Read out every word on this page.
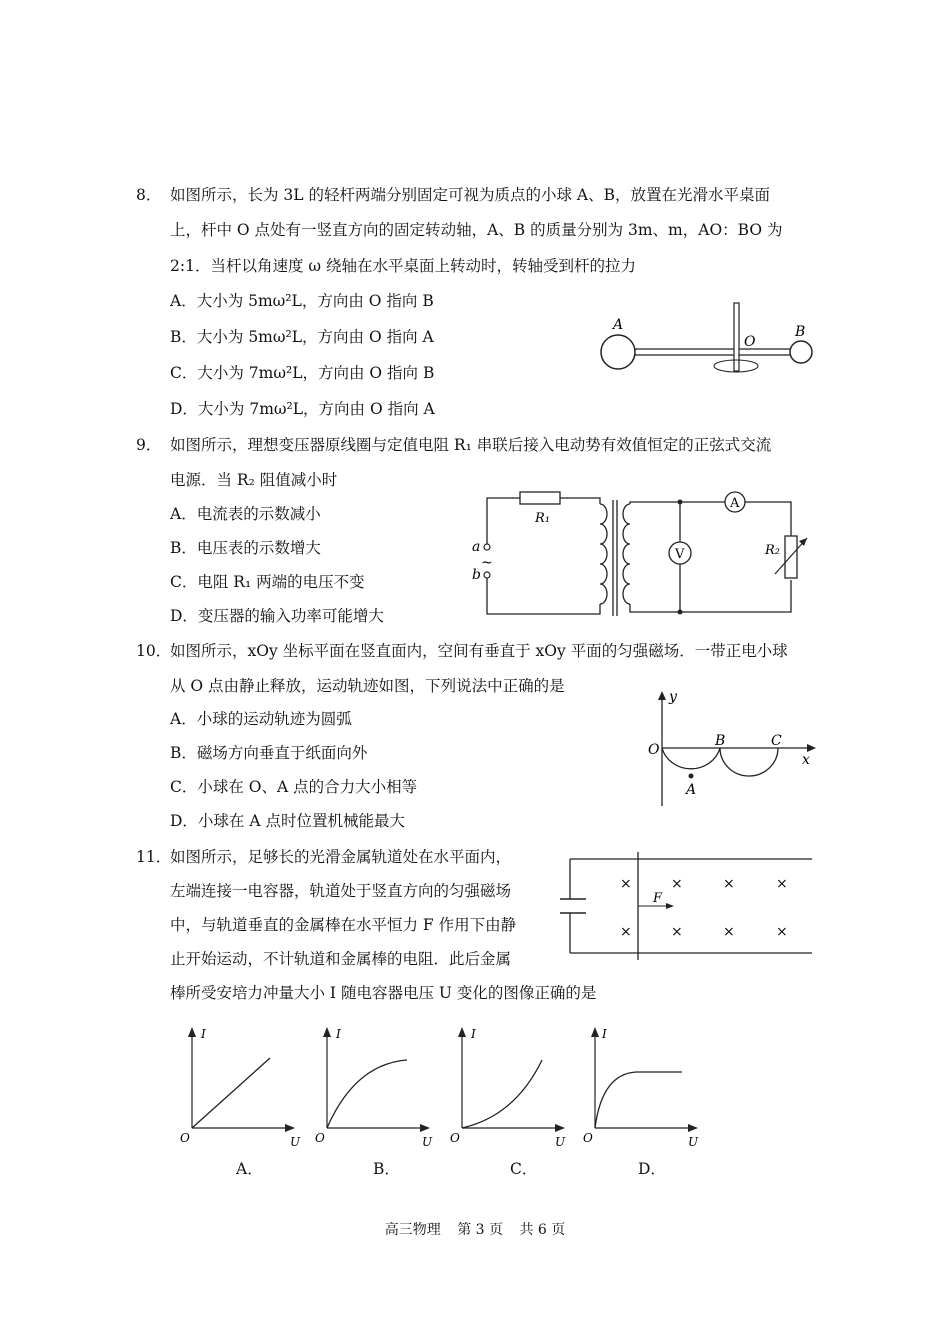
8． 如图所示，长为 3L 的轻杆两端分别固定可视为质点的小球 A、B，放置在光滑水平桌面
上，杆中 O 点处有一竖直方向的固定转动轴，A、B 的质量分别为 3m、m，AO：BO 为
2:1．当杆以角速度 ω 绕轴在水平桌面上转动时，转轴受到杆的拉力
A．大小为 5mω²L，方向由 O 指向 B
B．大小为 5mω²L，方向由 O 指向 A
C．大小为 7mω²L，方向由 O 指向 B
D．大小为 7mω²L，方向由 O 指向 A
A	B
O
9． 如图所示，理想变压器原线圈与定值电阻 R₁ 串联后接入电动势有效值恒定的正弦式交流
电源．当 R₂ 阻值减小时
A．电流表的示数减小
B．电压表的示数增大
C．电阻 R₁ 两端的电压不变
D．变压器的输入功率可能增大
a
~
b
R₁
A
R₂
V
10．
如图所示，xOy 坐标平面在竖直面内，空间有垂直于 xOy 平面的匀强磁场．一带正电小球
从 O 点由静止释放，运动轨迹如图，下列说法中正确的是
A．小球的运动轨迹为圆弧
B．磁场方向垂直于纸面向外
C．小球在 O、A 点的合力大小相等
D．小球在 A 点时位置机械能最大
y
x
O
A
B	C
11．
如图所示，足够长的光滑金属轨道处在水平面内，
左端连接一电容器，轨道处于竖直方向的匀强磁场
中，与轨道垂直的金属棒在水平恒力 F 作用下由静
止开始运动，不计轨道和金属棒的电阻．此后金属
棒所受安培力冲量大小 I 随电容器电压 U 变化的图像正确的是
F
×	×	×	×
×	×	×	×
I
U
O
I
U
O
I
U
O
I
U
O
A．	B．	C．	D．
高三物理 第 3 页 共 6 页
